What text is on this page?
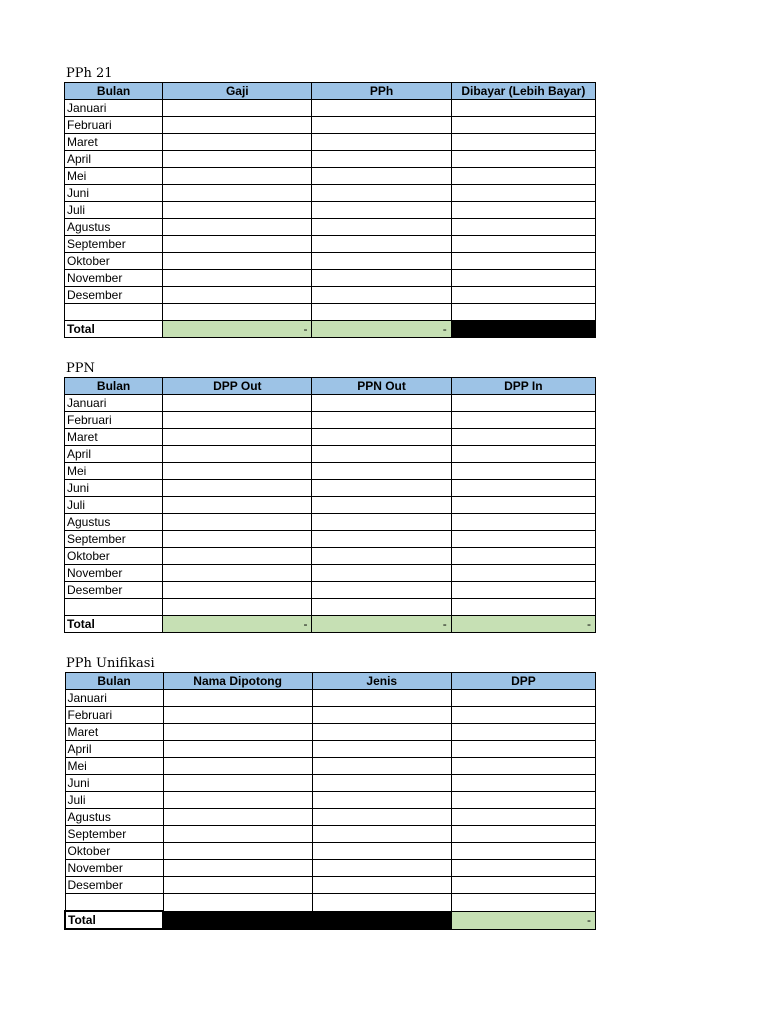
PPh 21
Bulan	Gaji	PPh	Dibayar (Lebih Bayar)
Januari			
Februari			
Maret			
April			
Mei			
Juni			
Juli			
Agustus			
September			
Oktober			
November			
Desember			

Total	-	-	
PPN
Bulan	DPP Out	PPN Out	DPP In
Januari			
Februari			
Maret			
April			
Mei			
Juni			
Juli			
Agustus			
September			
Oktober			
November			
Desember			

Total	-	-	-
PPh Unifikasi
Bulan	Nama Dipotong	Jenis	DPP
Januari			
Februari			
Maret			
April			
Mei			
Juni			
Juli			
Agustus			
September			
Oktober			
November			
Desember			

Total			-
